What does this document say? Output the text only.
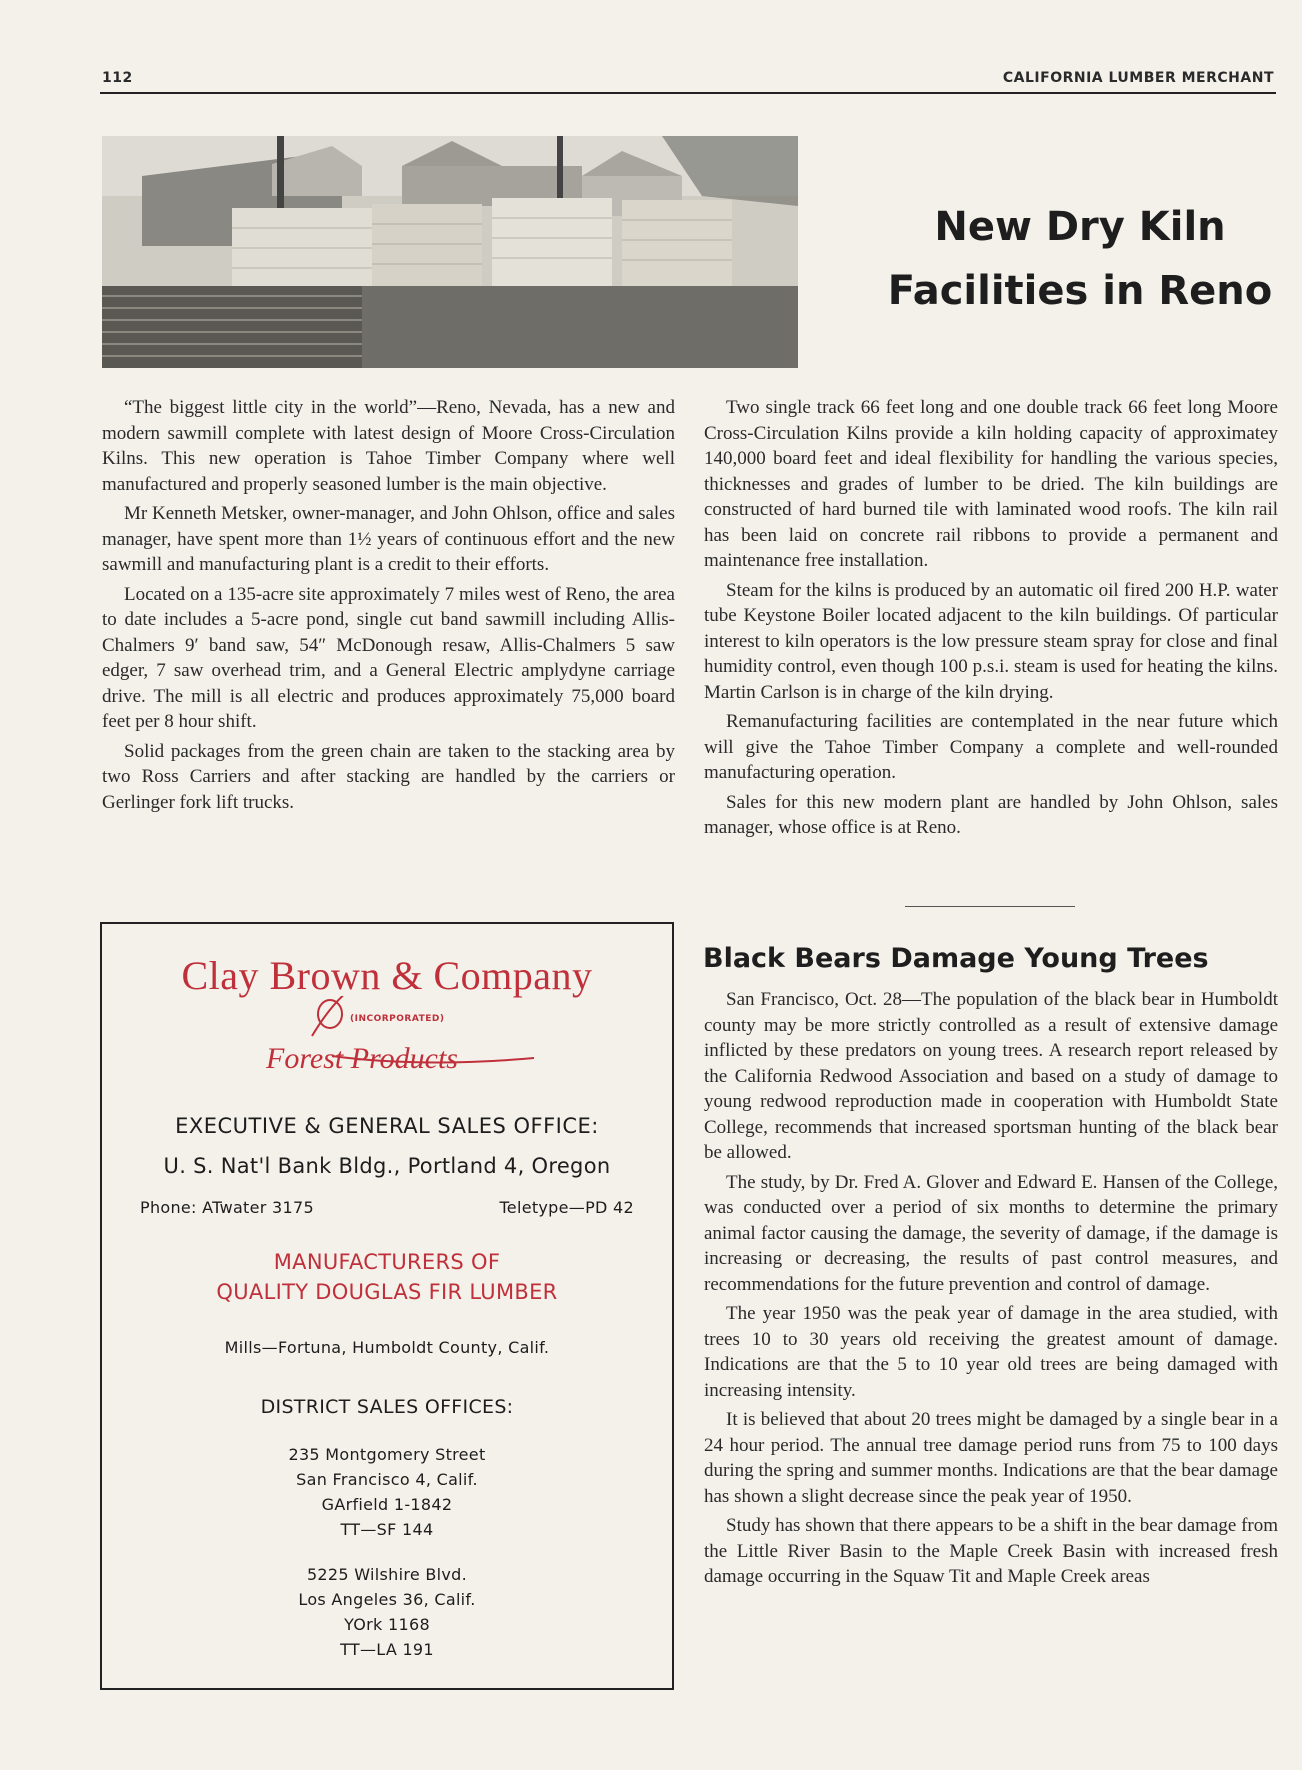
112	CALIFORNIA LUMBER MERCHANT
New Dry Kiln
Facilities in Reno

“The biggest little city in the world”—Reno, Nevada, has a new and modern sawmill complete with latest design of Moore Cross-Circulation Kilns. This new operation is Tahoe Timber Company where well manufactured and properly seasoned lumber is the main objective.

Mr Kenneth Metsker, owner-manager, and John Ohlson, office and sales manager, have spent more than 1½ years of continuous effort and the new sawmill and manufacturing plant is a credit to their efforts.

Located on a 135-acre site approximately 7 miles west of Reno, the area to date includes a 5-acre pond, single cut band sawmill including Allis-Chalmers 9′ band saw, 54″ McDonough resaw, Allis-Chalmers 5 saw edger, 7 saw overhead trim, and a General Electric amplydyne carriage drive. The mill is all electric and produces approximately 75,000 board feet per 8 hour shift.

Solid packages from the green chain are taken to the stacking area by two Ross Carriers and after stacking are handled by the carriers or Gerlinger fork lift trucks.

Two single track 66 feet long and one double track 66 feet long Moore Cross-Circulation Kilns provide a kiln holding capacity of approximatey 140,000 board feet and ideal flexibility for handling the various species, thicknesses and grades of lumber to be dried. The kiln buildings are constructed of hard burned tile with laminated wood roofs. The kiln rail has been laid on concrete rail ribbons to provide a permanent and maintenance free installation.

Steam for the kilns is produced by an automatic oil fired 200 H.P. water tube Keystone Boiler located adjacent to the kiln buildings. Of particular interest to kiln operators is the low pressure steam spray for close and final humidity control, even though 100 p.s.i. steam is used for heating the kilns. Martin Carlson is in charge of the kiln drying.

Remanufacturing facilities are contemplated in the near future which will give the Tahoe Timber Company a complete and well-rounded manufacturing operation.

Sales for this new modern plant are handled by John Ohlson, sales manager, whose office is at Reno.

Black Bears Damage Young Trees

San Francisco, Oct. 28—The population of the black bear in Humboldt county may be more strictly controlled as a result of extensive damage inflicted by these predators on young trees. A research report released by the California Redwood Association and based on a study of damage to young redwood reproduction made in cooperation with Humboldt State College, recommends that increased sportsman hunting of the black bear be allowed.

The study, by Dr. Fred A. Glover and Edward E. Hansen of the College, was conducted over a period of six months to determine the primary animal factor causing the damage, the severity of damage, if the damage is increasing or decreasing, the results of past control measures, and recommendations for the future prevention and control of damage.

The year 1950 was the peak year of damage in the area studied, with trees 10 to 30 years old receiving the greatest amount of damage. Indications are that the 5 to 10 year old trees are being damaged with increasing intensity.

It is believed that about 20 trees might be damaged by a single bear in a 24 hour period. The annual tree damage period runs from 75 to 100 days during the spring and summer months. Indications are that the bear damage has shown a slight decrease since the peak year of 1950.

Study has shown that there appears to be a shift in the bear damage from the Little River Basin to the Maple Creek Basin with increased fresh damage occurring in the Squaw Tit and Maple Creek areas

Clay Brown & Company
(INCORPORATED)
Forest Products
EXECUTIVE & GENERAL SALES OFFICE:
U. S. Nat'l Bank Bldg., Portland 4, Oregon
Phone: ATwater 3175	Teletype—PD 42
MANUFACTURERS OF
QUALITY DOUGLAS FIR LUMBER
Mills—Fortuna, Humboldt County, Calif.
DISTRICT SALES OFFICES:
235 Montgomery Street
San Francisco 4, Calif.
GArfield 1-1842
TT—SF 144
5225 Wilshire Blvd.
Los Angeles 36, Calif.
YOrk 1168
TT—LA 191
